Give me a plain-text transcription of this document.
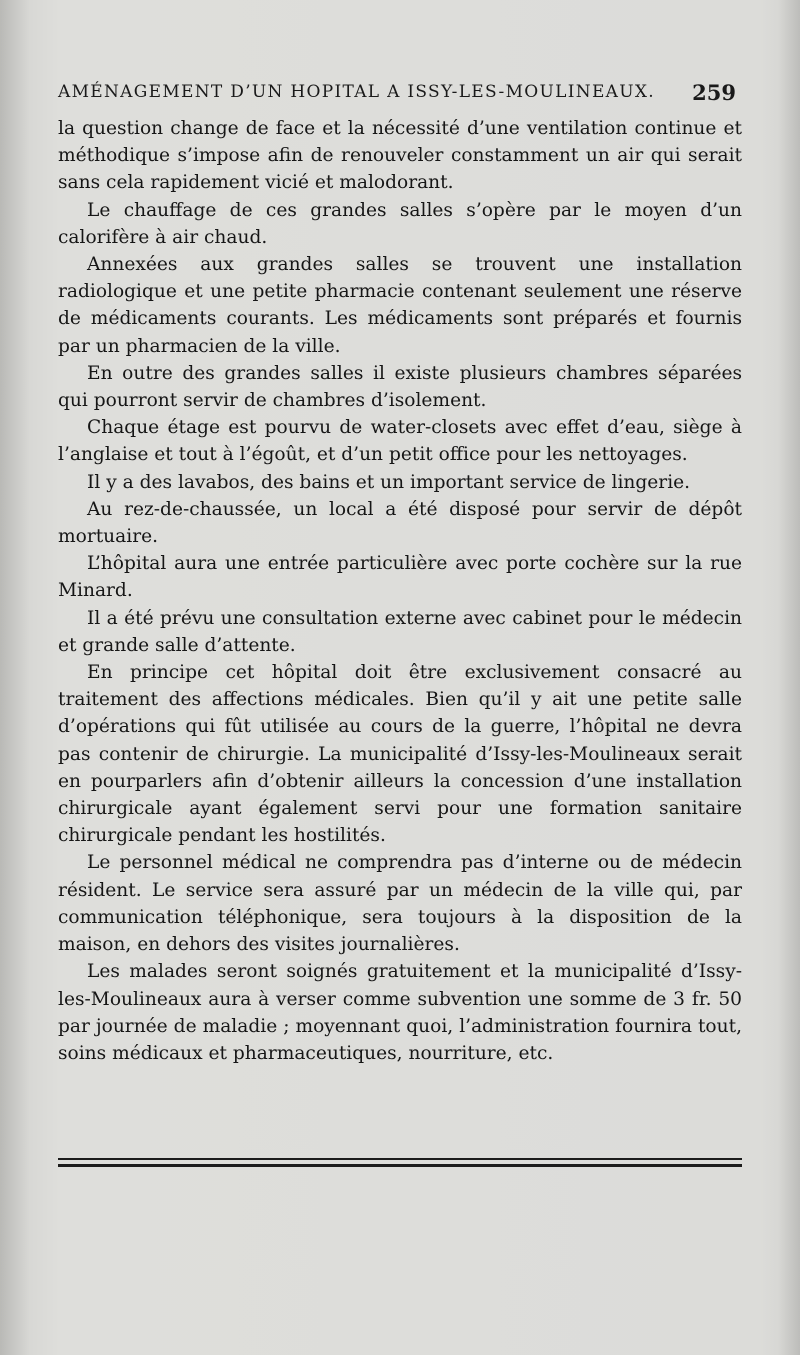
AMÉNAGEMENT D’UN HOPITAL A ISSY-LES-MOULINEAUX. 259

la question change de face et la nécessité d’une ventilation continue et méthodique s’impose afin de renouveler constamment un air qui serait sans cela rapidement vicié et malodorant.

Le chauffage de ces grandes salles s’opère par le moyen d’un calorifère à air chaud.

Annexées aux grandes salles se trouvent une installation radiologique et une petite pharmacie contenant seulement une réserve de médicaments courants. Les médicaments sont préparés et fournis par un pharmacien de la ville.

En outre des grandes salles il existe plusieurs chambres séparées qui pourront servir de chambres d’isolement.

Chaque étage est pourvu de water-closets avec effet d’eau, siège à l’anglaise et tout à l’égoût, et d’un petit office pour les nettoyages.

Il y a des lavabos, des bains et un important service de lingerie.

Au rez-de-chaussée, un local a été disposé pour servir de dépôt mortuaire.

L’hôpital aura une entrée particulière avec porte cochère sur la rue Minard.

Il a été prévu une consultation externe avec cabinet pour le médecin et grande salle d’attente.

En principe cet hôpital doit être exclusivement consacré au traitement des affections médicales. Bien qu’il y ait une petite salle d’opérations qui fût utilisée au cours de la guerre, l’hôpital ne devra pas contenir de chirurgie. La municipalité d’Issy-les-Moulineaux serait en pourparlers afin d’obtenir ailleurs la concession d’une installation chirurgicale ayant également servi pour une formation sanitaire chirurgicale pendant les hostilités.

Le personnel médical ne comprendra pas d’interne ou de médecin résident. Le service sera assuré par un médecin de la ville qui, par communication téléphonique, sera toujours à la disposition de la maison, en dehors des visites journalières.

Les malades seront soignés gratuitement et la municipalité d’Issy-les-Moulineaux aura à verser comme subvention une somme de 3 fr. 50 par journée de maladie ; moyennant quoi, l’administration fournira tout, soins médicaux et pharmaceutiques, nourriture, etc.
